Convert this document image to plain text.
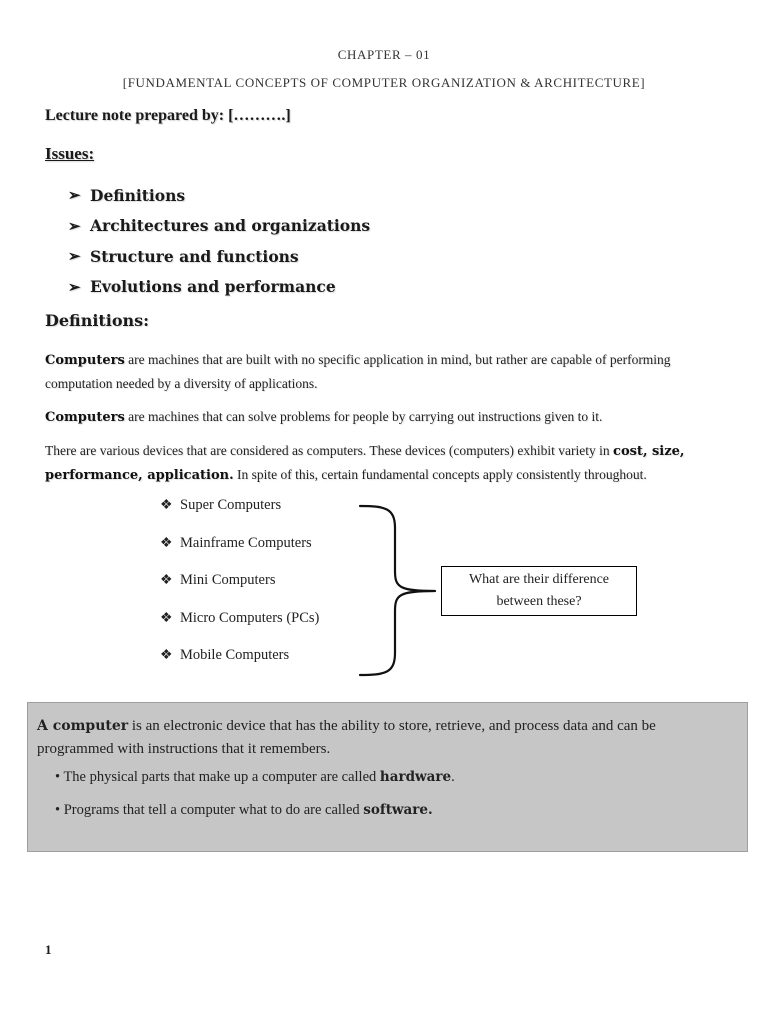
CHAPTER – 01
[FUNDAMENTAL CONCEPTS OF COMPUTER ORGANIZATION & ARCHITECTURE]
Lecture note prepared by: [……….]
Issues:
➢ Definitions
➢ Architectures and organizations
➢ Structure and functions
➢ Evolutions and performance
Definitions:

Computers are machines that are built with no specific application in mind, but rather are capable of performing computation needed by a diversity of applications.

Computers are machines that can solve problems for people by carrying out instructions given to it.

There are various devices that are considered as computers. These devices (computers) exhibit variety in cost, size, performance, application. In spite of this, certain fundamental concepts apply consistently throughout.

❖ Super Computers
❖ Mainframe Computers
❖ Mini Computers
❖ Micro Computers (PCs)
❖ Mobile Computers
What are their difference between these?

A computer is an electronic device that has the ability to store, retrieve, and process data and can be programmed with instructions that it remembers.

• The physical parts that make up a computer are called hardware.
• Programs that tell a computer what to do are called software.
1
